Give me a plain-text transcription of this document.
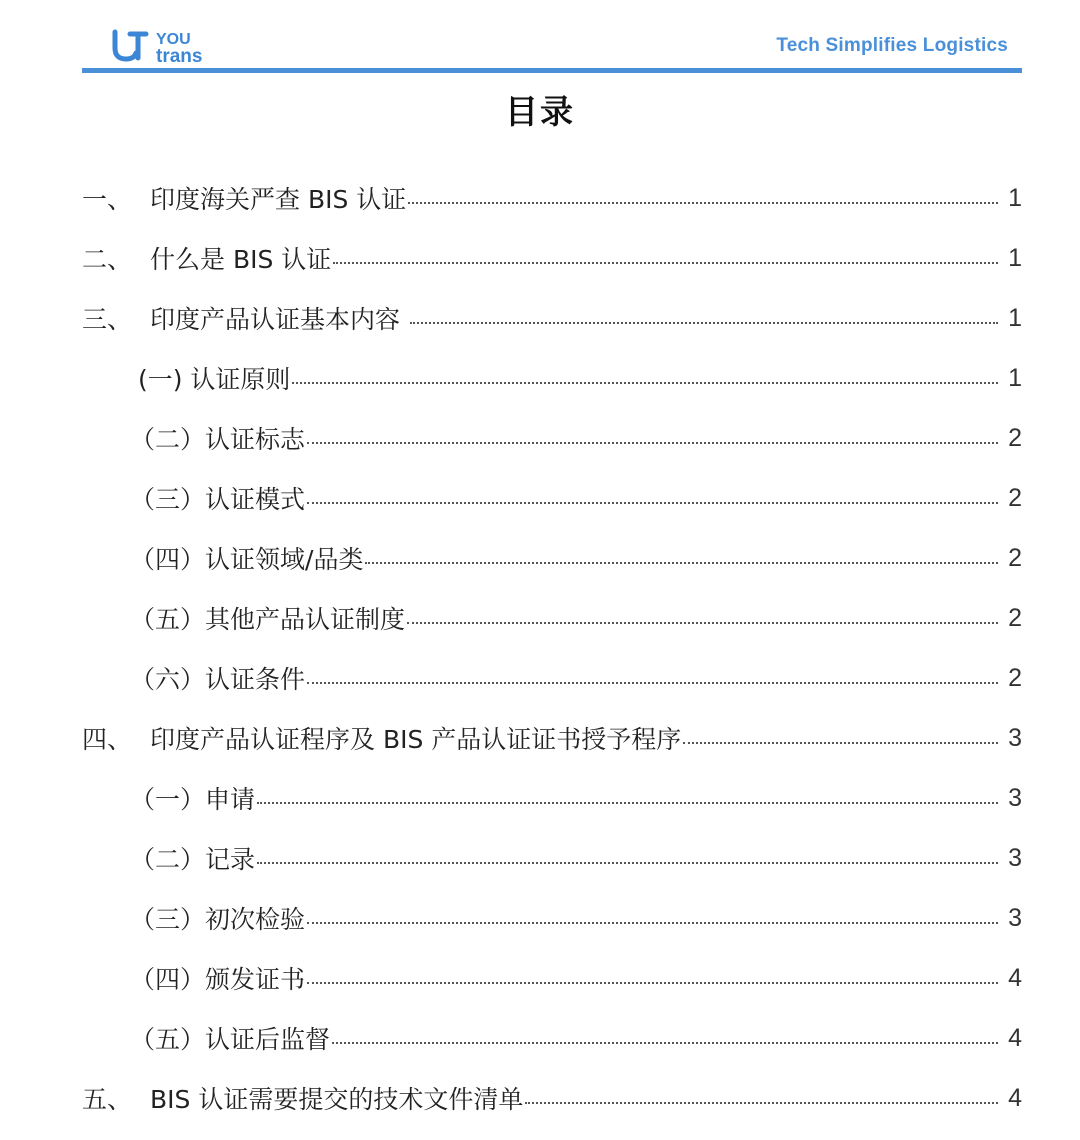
YOU
trans
Tech Simplifies Logistics
目录
一、 印度海关严查 BIS 认证	1
二、 什么是 BIS 认证	1
三、 印度产品认证基本内容	1
(一) 认证原则	1
（二） 认证标志	2
（三） 认证模式	2
（四） 认证领域/品类	2
（五） 其他产品认证制度	2
（六） 认证条件	2
四、 印度产品认证程序及 BIS 产品认证证书授予程序	3
（一） 申请	3
（二） 记录	3
（三） 初次检验	3
（四） 颁发证书	4
（五） 认证后监督	4
五、 BIS 认证需要提交的技术文件清单	4
